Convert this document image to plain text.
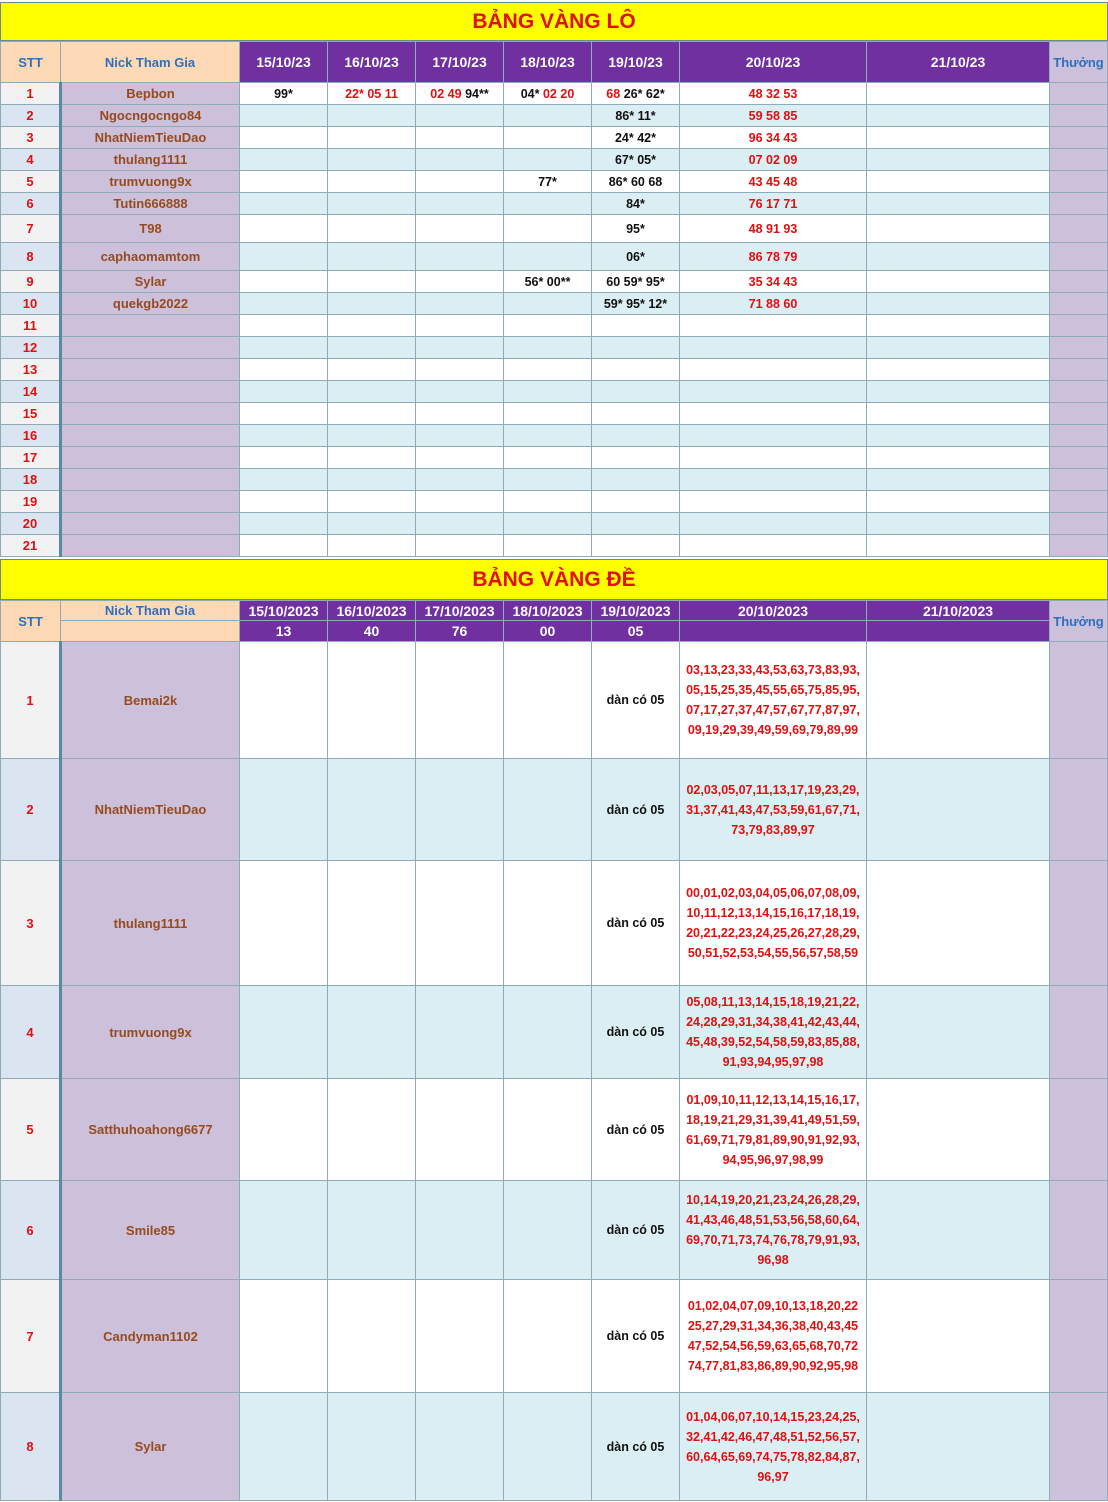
BẢNG VÀNG LÔ
STT	Nick Tham Gia	15/10/23	16/10/23	17/10/23	18/10/23	19/10/23	20/10/23	21/10/23	Thưởng
1	Bepbon	99*	22* 05 11	02 49 94**	04* 02 20	68 26* 62*	48 32 53		
2	Ngocngocngo84					86* 11*	59 58 85		
3	NhatNiemTieuDao					24* 42*	96 34 43		
4	thulang1111					67* 05*	07 02 09		
5	trumvuong9x				77*	86* 60 68	43 45 48		
6	Tutin666888					84*	76 17 71		
7	T98					95*	48 91 93		
8	caphaomamtom					06*	86 78 79		
9	Sylar				56* 00**	60 59* 95*	35 34 43		
10	quekgb2022					59* 95* 12*	71 88 60		
11									
12									
13									
14									
15									
16									
17									
18									
19									
20									
21									
BẢNG VÀNG ĐỀ
STT	Nick Tham Gia	15/10/2023	16/10/2023	17/10/2023	18/10/2023	19/10/2023	20/10/2023	21/10/2023	Thưởng
		13	40	76	00	05			
1	Bemai2k					dàn có 05	03,13,23,33,43,53,63,73,83,93,
05,15,25,35,45,55,65,75,85,95,
07,17,27,37,47,57,67,77,87,97,
09,19,29,39,49,59,69,79,89,99		

2	NhatNiemTieuDao					dàn có 05	02,03,05,07,11,13,17,19,23,29,
31,37,41,43,47,53,59,61,67,71,
73,79,83,89,97		

3	thulang1111					dàn có 05	00,01,02,03,04,05,06,07,08,09,
10,11,12,13,14,15,16,17,18,19,
20,21,22,23,24,25,26,27,28,29,
50,51,52,53,54,55,56,57,58,59		

4	trumvuong9x					dàn có 05	05,08,11,13,14,15,18,19,21,22,
24,28,29,31,34,38,41,42,43,44,
45,48,39,52,54,58,59,83,85,88,
91,93,94,95,97,98		

5	Satthuhoahong6677					dàn có 05	01,09,10,11,12,13,14,15,16,17,
18,19,21,29,31,39,41,49,51,59,
61,69,71,79,81,89,90,91,92,93,
94,95,96,97,98,99		

6	Smile85					dàn có 05	10,14,19,20,21,23,24,26,28,29,
41,43,46,48,51,53,56,58,60,64,
69,70,71,73,74,76,78,79,91,93,
96,98		

7	Candyman1102					dàn có 05	01,02,04,07,09,10,13,18,20,22
25,27,29,31,34,36,38,40,43,45
47,52,54,56,59,63,65,68,70,72
74,77,81,83,86,89,90,92,95,98		

8	Sylar					dàn có 05	01,04,06,07,10,14,15,23,24,25,
32,41,42,46,47,48,51,52,56,57,
60,64,65,69,74,75,78,82,84,87,
96,97		
